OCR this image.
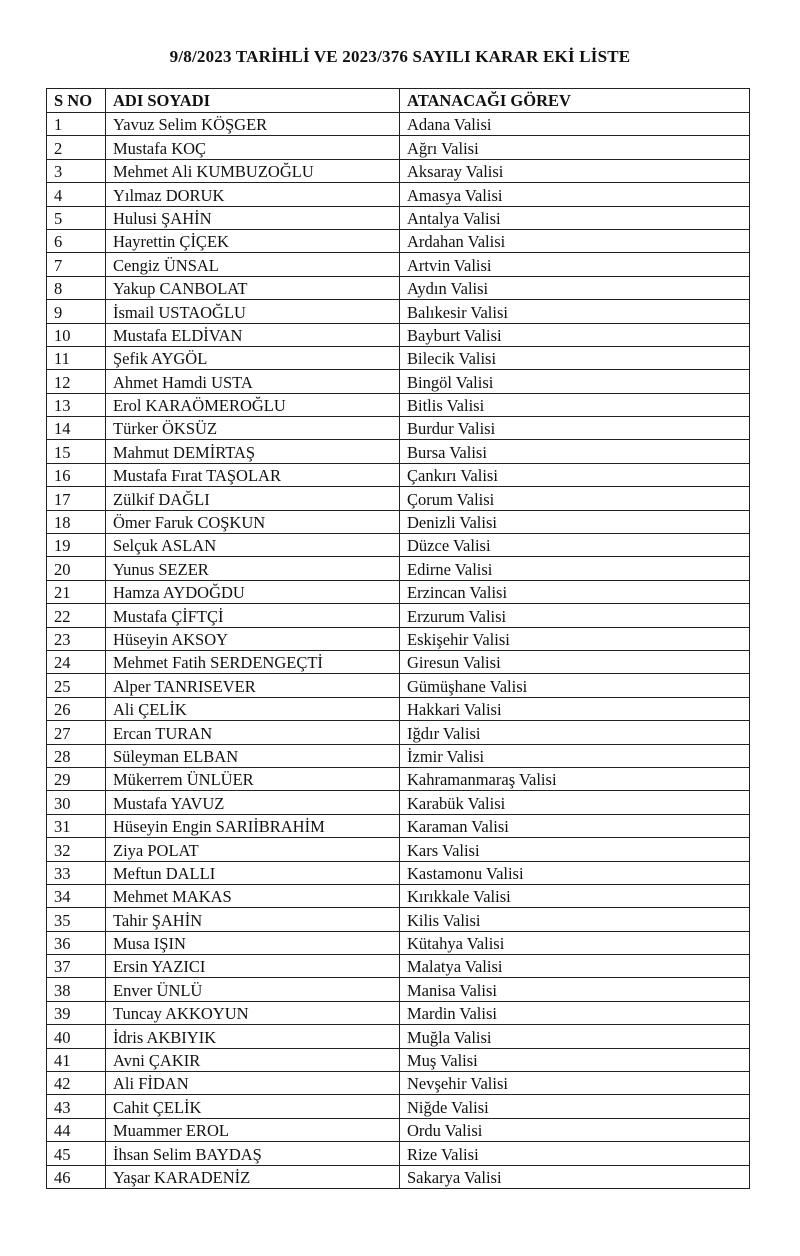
9/8/2023 TARİHLİ VE 2023/376 SAYILI KARAR EKİ LİSTE
S NO	ADI SOYADI	ATANACAĞI GÖREV
1	Yavuz Selim KÖŞGER	Adana Valisi
2	Mustafa KOÇ	Ağrı Valisi
3	Mehmet Ali KUMBUZOĞLU	Aksaray Valisi
4	Yılmaz DORUK	Amasya Valisi
5	Hulusi ŞAHİN	Antalya Valisi
6	Hayrettin ÇİÇEK	Ardahan Valisi
7	Cengiz ÜNSAL	Artvin Valisi
8	Yakup CANBOLAT	Aydın Valisi
9	İsmail USTAOĞLU	Balıkesir Valisi
10	Mustafa ELDİVAN	Bayburt Valisi
11	Şefik AYGÖL	Bilecik Valisi
12	Ahmet Hamdi USTA	Bingöl Valisi
13	Erol KARAÖMEROĞLU	Bitlis Valisi
14	Türker ÖKSÜZ	Burdur Valisi
15	Mahmut DEMİRTAŞ	Bursa Valisi
16	Mustafa Fırat TAŞOLAR	Çankırı Valisi
17	Zülkif DAĞLI	Çorum Valisi
18	Ömer Faruk COŞKUN	Denizli Valisi
19	Selçuk ASLAN	Düzce Valisi
20	Yunus SEZER	Edirne Valisi
21	Hamza AYDOĞDU	Erzincan Valisi
22	Mustafa ÇİFTÇİ	Erzurum Valisi
23	Hüseyin AKSOY	Eskişehir Valisi
24	Mehmet Fatih SERDENGEÇTİ	Giresun Valisi
25	Alper TANRISEVER	Gümüşhane Valisi
26	Ali ÇELİK	Hakkari Valisi
27	Ercan TURAN	Iğdır Valisi
28	Süleyman ELBAN	İzmir Valisi
29	Mükerrem ÜNLÜER	Kahramanmaraş Valisi
30	Mustafa YAVUZ	Karabük Valisi
31	Hüseyin Engin SARIİBRAHİM	Karaman Valisi
32	Ziya POLAT	Kars Valisi
33	Meftun DALLI	Kastamonu Valisi
34	Mehmet MAKAS	Kırıkkale Valisi
35	Tahir ŞAHİN	Kilis Valisi
36	Musa IŞIN	Kütahya Valisi
37	Ersin YAZICI	Malatya Valisi
38	Enver ÜNLÜ	Manisa Valisi
39	Tuncay AKKOYUN	Mardin Valisi
40	İdris AKBIYIK	Muğla Valisi
41	Avni ÇAKIR	Muş Valisi
42	Ali FİDAN	Nevşehir Valisi
43	Cahit ÇELİK	Niğde Valisi
44	Muammer EROL	Ordu Valisi
45	İhsan Selim BAYDAŞ	Rize Valisi
46	Yaşar KARADENİZ	Sakarya Valisi
